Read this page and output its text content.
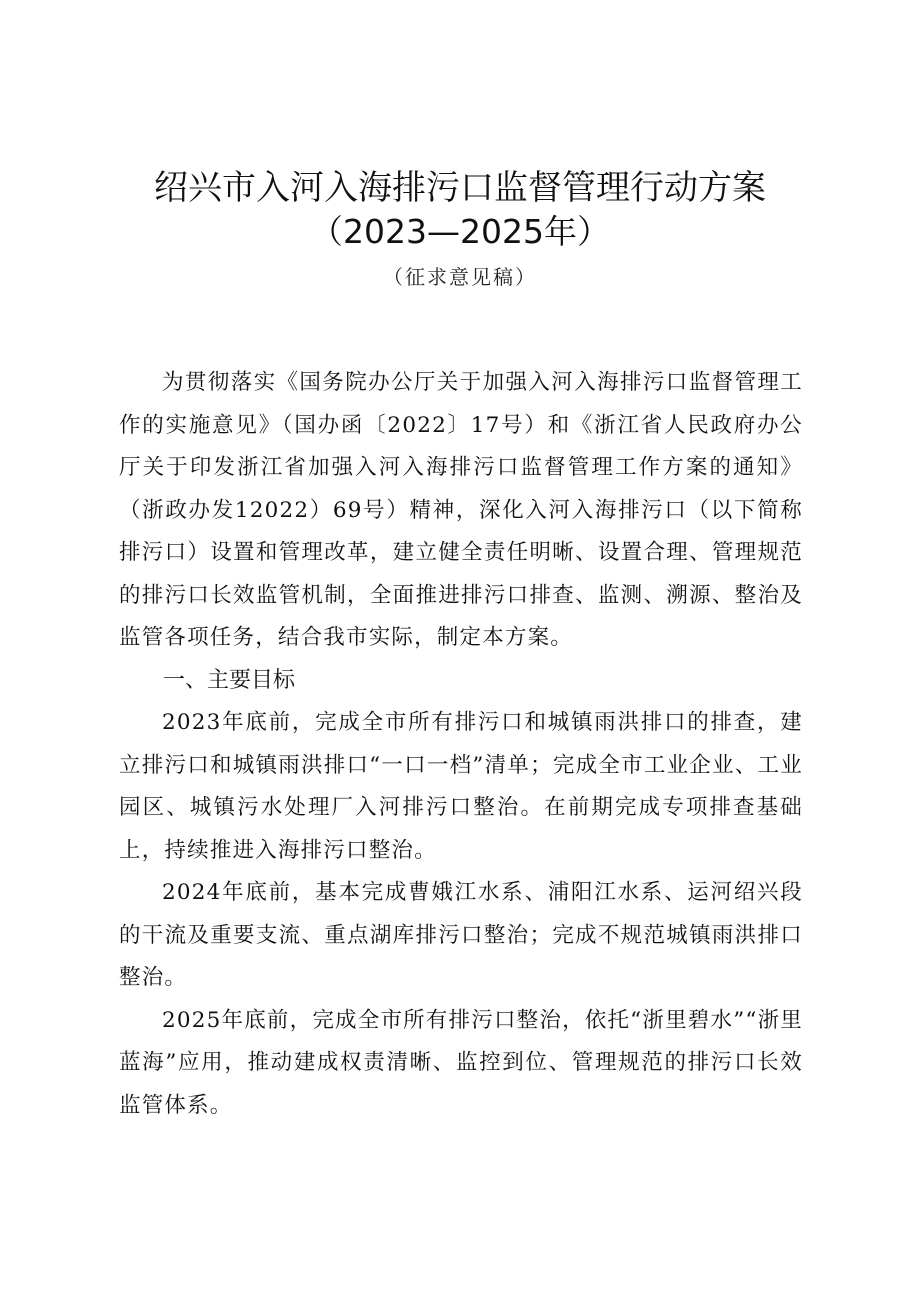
绍兴市入河入海排污口监督管理行动方案
（2023—2025年）
（征求意见稿）

为贯彻落实《国务院办公厅关于加强入河入海排污口监督管理工作的实施意见》（国办函〔2022〕17号）和《浙江省人民政府办公厅关于印发浙江省加强入河入海排污口监督管理工作方案的通知》（浙政办发12022）69号）精神，深化入河入海排污口（以下简称排污口）设置和管理改革，建立健全责任明晰、设置合理、管理规范的排污口长效监管机制，全面推进排污口排查、监测、溯源、整治及监管各项任务，结合我市实际，制定本方案。

一、主要目标

2023年底前，完成全市所有排污口和城镇雨洪排口的排查，建立排污口和城镇雨洪排口“一口一档”清单；完成全市工业企业、工业园区、城镇污水处理厂入河排污口整治。在前期完成专项排查基础上，持续推进入海排污口整治。

2024年底前，基本完成曹娥江水系、浦阳江水系、运河绍兴段的干流及重要支流、重点湖库排污口整治；完成不规范城镇雨洪排口整治。

2025年底前，完成全市所有排污口整治，依托“浙里碧水”“浙里蓝海”应用，推动建成权责清晰、监控到位、管理规范的排污口长效监管体系。
